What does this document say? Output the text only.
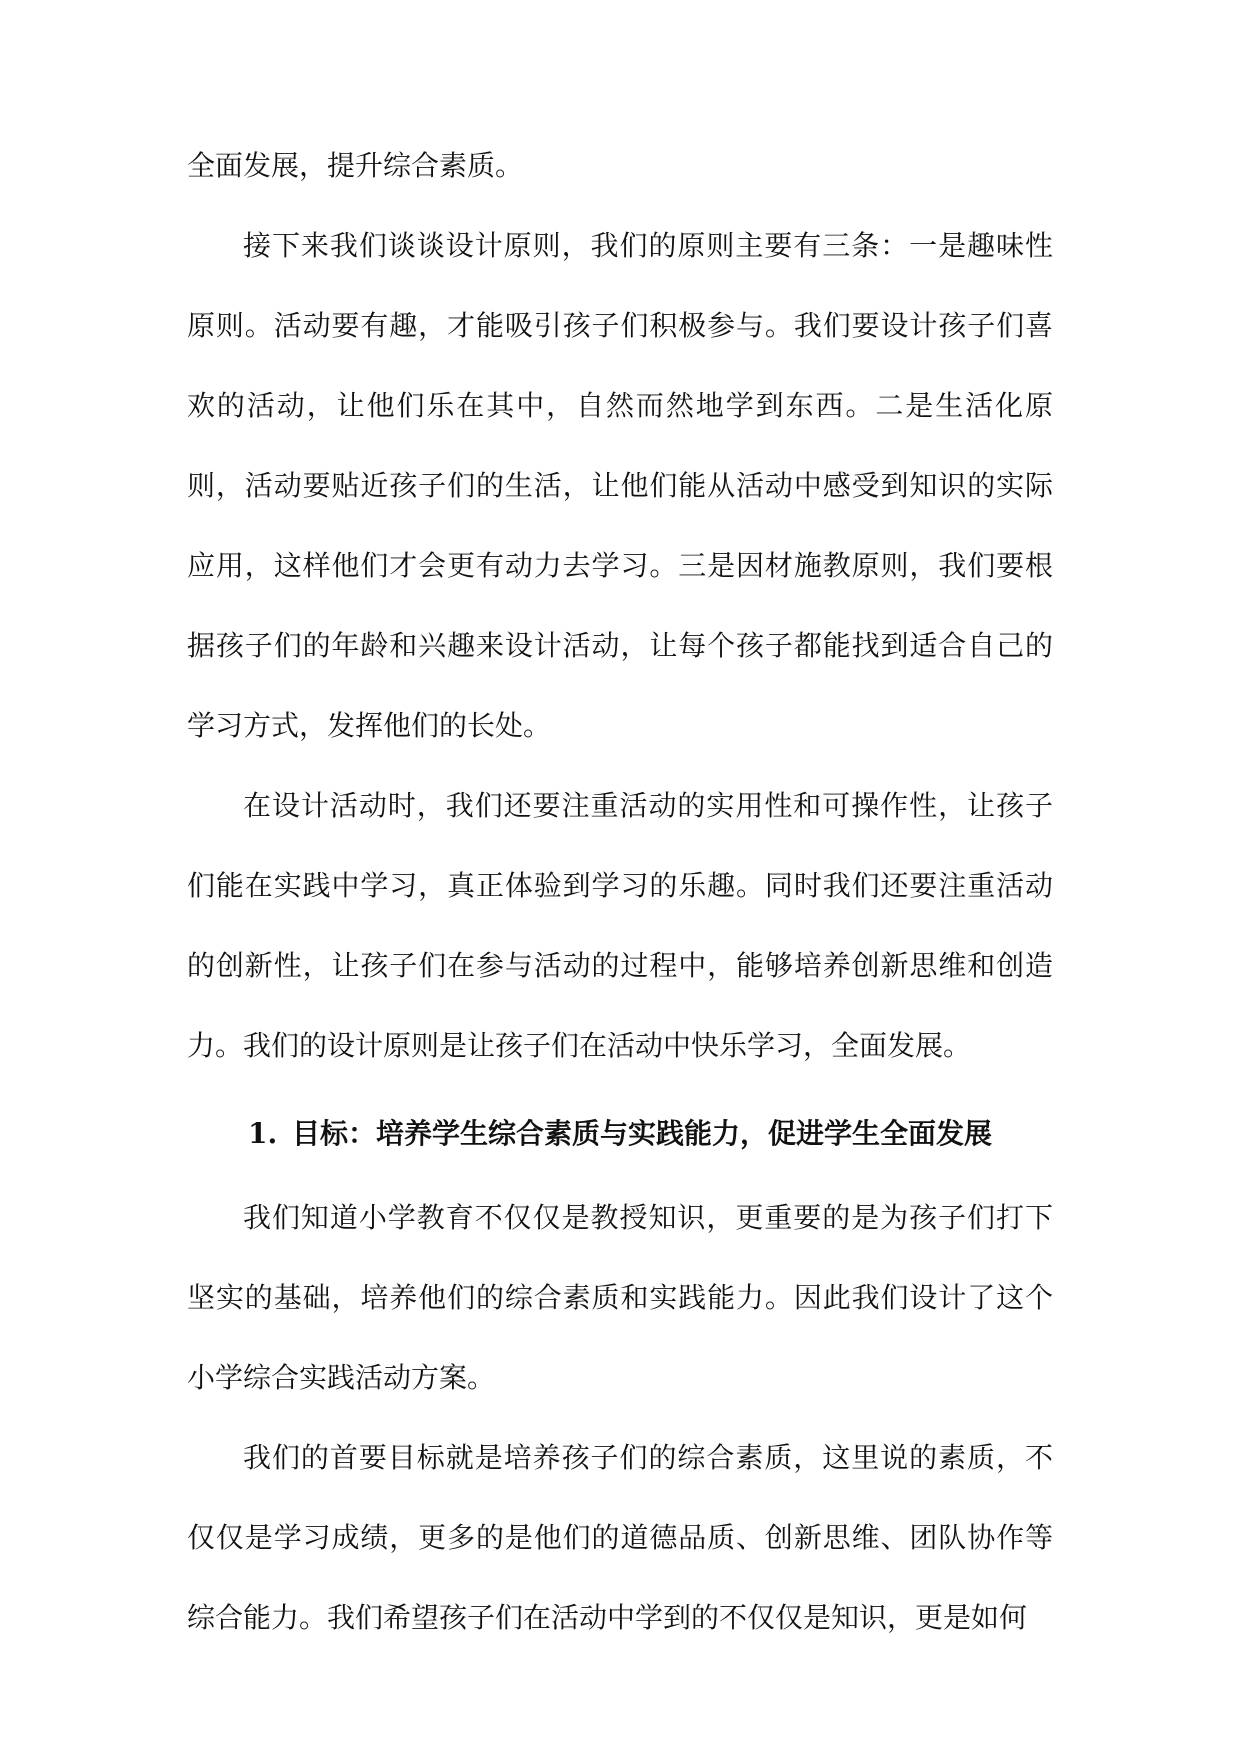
全面发展，提升综合素质。

接下来我们谈谈设计原则，我们的原则主要有三条：一是趣味性原则。活动要有趣，才能吸引孩子们积极参与。我们要设计孩子们喜欢的活动，让他们乐在其中，自然而然地学到东西。二是生活化原则，活动要贴近孩子们的生活，让他们能从活动中感受到知识的实际应用，这样他们才会更有动力去学习。三是因材施教原则，我们要根据孩子们的年龄和兴趣来设计活动，让每个孩子都能找到适合自己的学习方式，发挥他们的长处。

在设计活动时，我们还要注重活动的实用性和可操作性，让孩子们能在实践中学习，真正体验到学习的乐趣。同时我们还要注重活动的创新性，让孩子们在参与活动的过程中，能够培养创新思维和创造力。我们的设计原则是让孩子们在活动中快乐学习，全面发展。

1. 目标：培养学生综合素质与实践能力，促进学生全面发展

我们知道小学教育不仅仅是教授知识，更重要的是为孩子们打下坚实的基础，培养他们的综合素质和实践能力。因此我们设计了这个小学综合实践活动方案。

我们的首要目标就是培养孩子们的综合素质，这里说的素质，不仅仅是学习成绩，更多的是他们的道德品质、创新思维、团队协作等综合能力。我们希望孩子们在活动中学到的不仅仅是知识，更是如何
